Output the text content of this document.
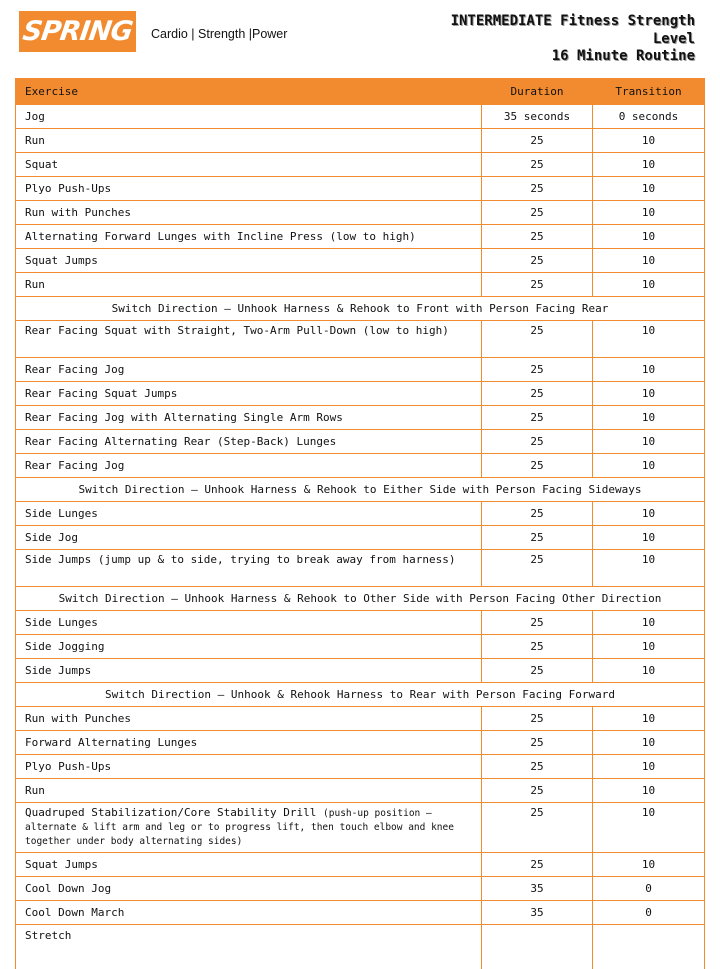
SPRING Cardio | Strength |Power
INTERMEDIATE Fitness Strength
Level
16 Minute Routine
Exercise	Duration	Transition
Jog	35 seconds	0 seconds
Run	25	10
Squat	25	10
Plyo Push-Ups	25	10
Run with Punches	25	10
Alternating Forward Lunges with Incline Press (low to high)	25	10
Squat Jumps	25	10
Run	25	10
Switch Direction – Unhook Harness & Rehook to Front with Person Facing Rear		
Rear Facing Squat with Straight, Two-Arm Pull-Down (low to high)	25	10
Rear Facing Jog	25	10
Rear Facing Squat Jumps	25	10
Rear Facing Jog with Alternating Single Arm Rows	25	10
Rear Facing Alternating Rear (Step-Back) Lunges	25	10
Rear Facing Jog	25	10
Switch Direction – Unhook Harness & Rehook to Either Side with Person Facing Sideways		
Side Lunges	25	10
Side Jog	25	10
Side Jumps (jump up & to side, trying to break away from harness)	25	10
Switch Direction – Unhook Harness & Rehook to Other Side with Person Facing Other Direction		
Side Lunges	25	10
Side Jogging	25	10
Side Jumps	25	10
Switch Direction – Unhook & Rehook Harness to Rear with Person Facing Forward		
Run with Punches	25	10
Forward Alternating Lunges	25	10
Plyo Push-Ups	25	10
Run	25	10
Quadruped Stabilization/Core Stability Drill (push-up position – alternate & lift arm and leg or to progress lift, then touch elbow and knee together under body alternating sides)	25	10
Squat Jumps	25	10
Cool Down Jog	35	0
Cool Down March	35	0
Stretch		
